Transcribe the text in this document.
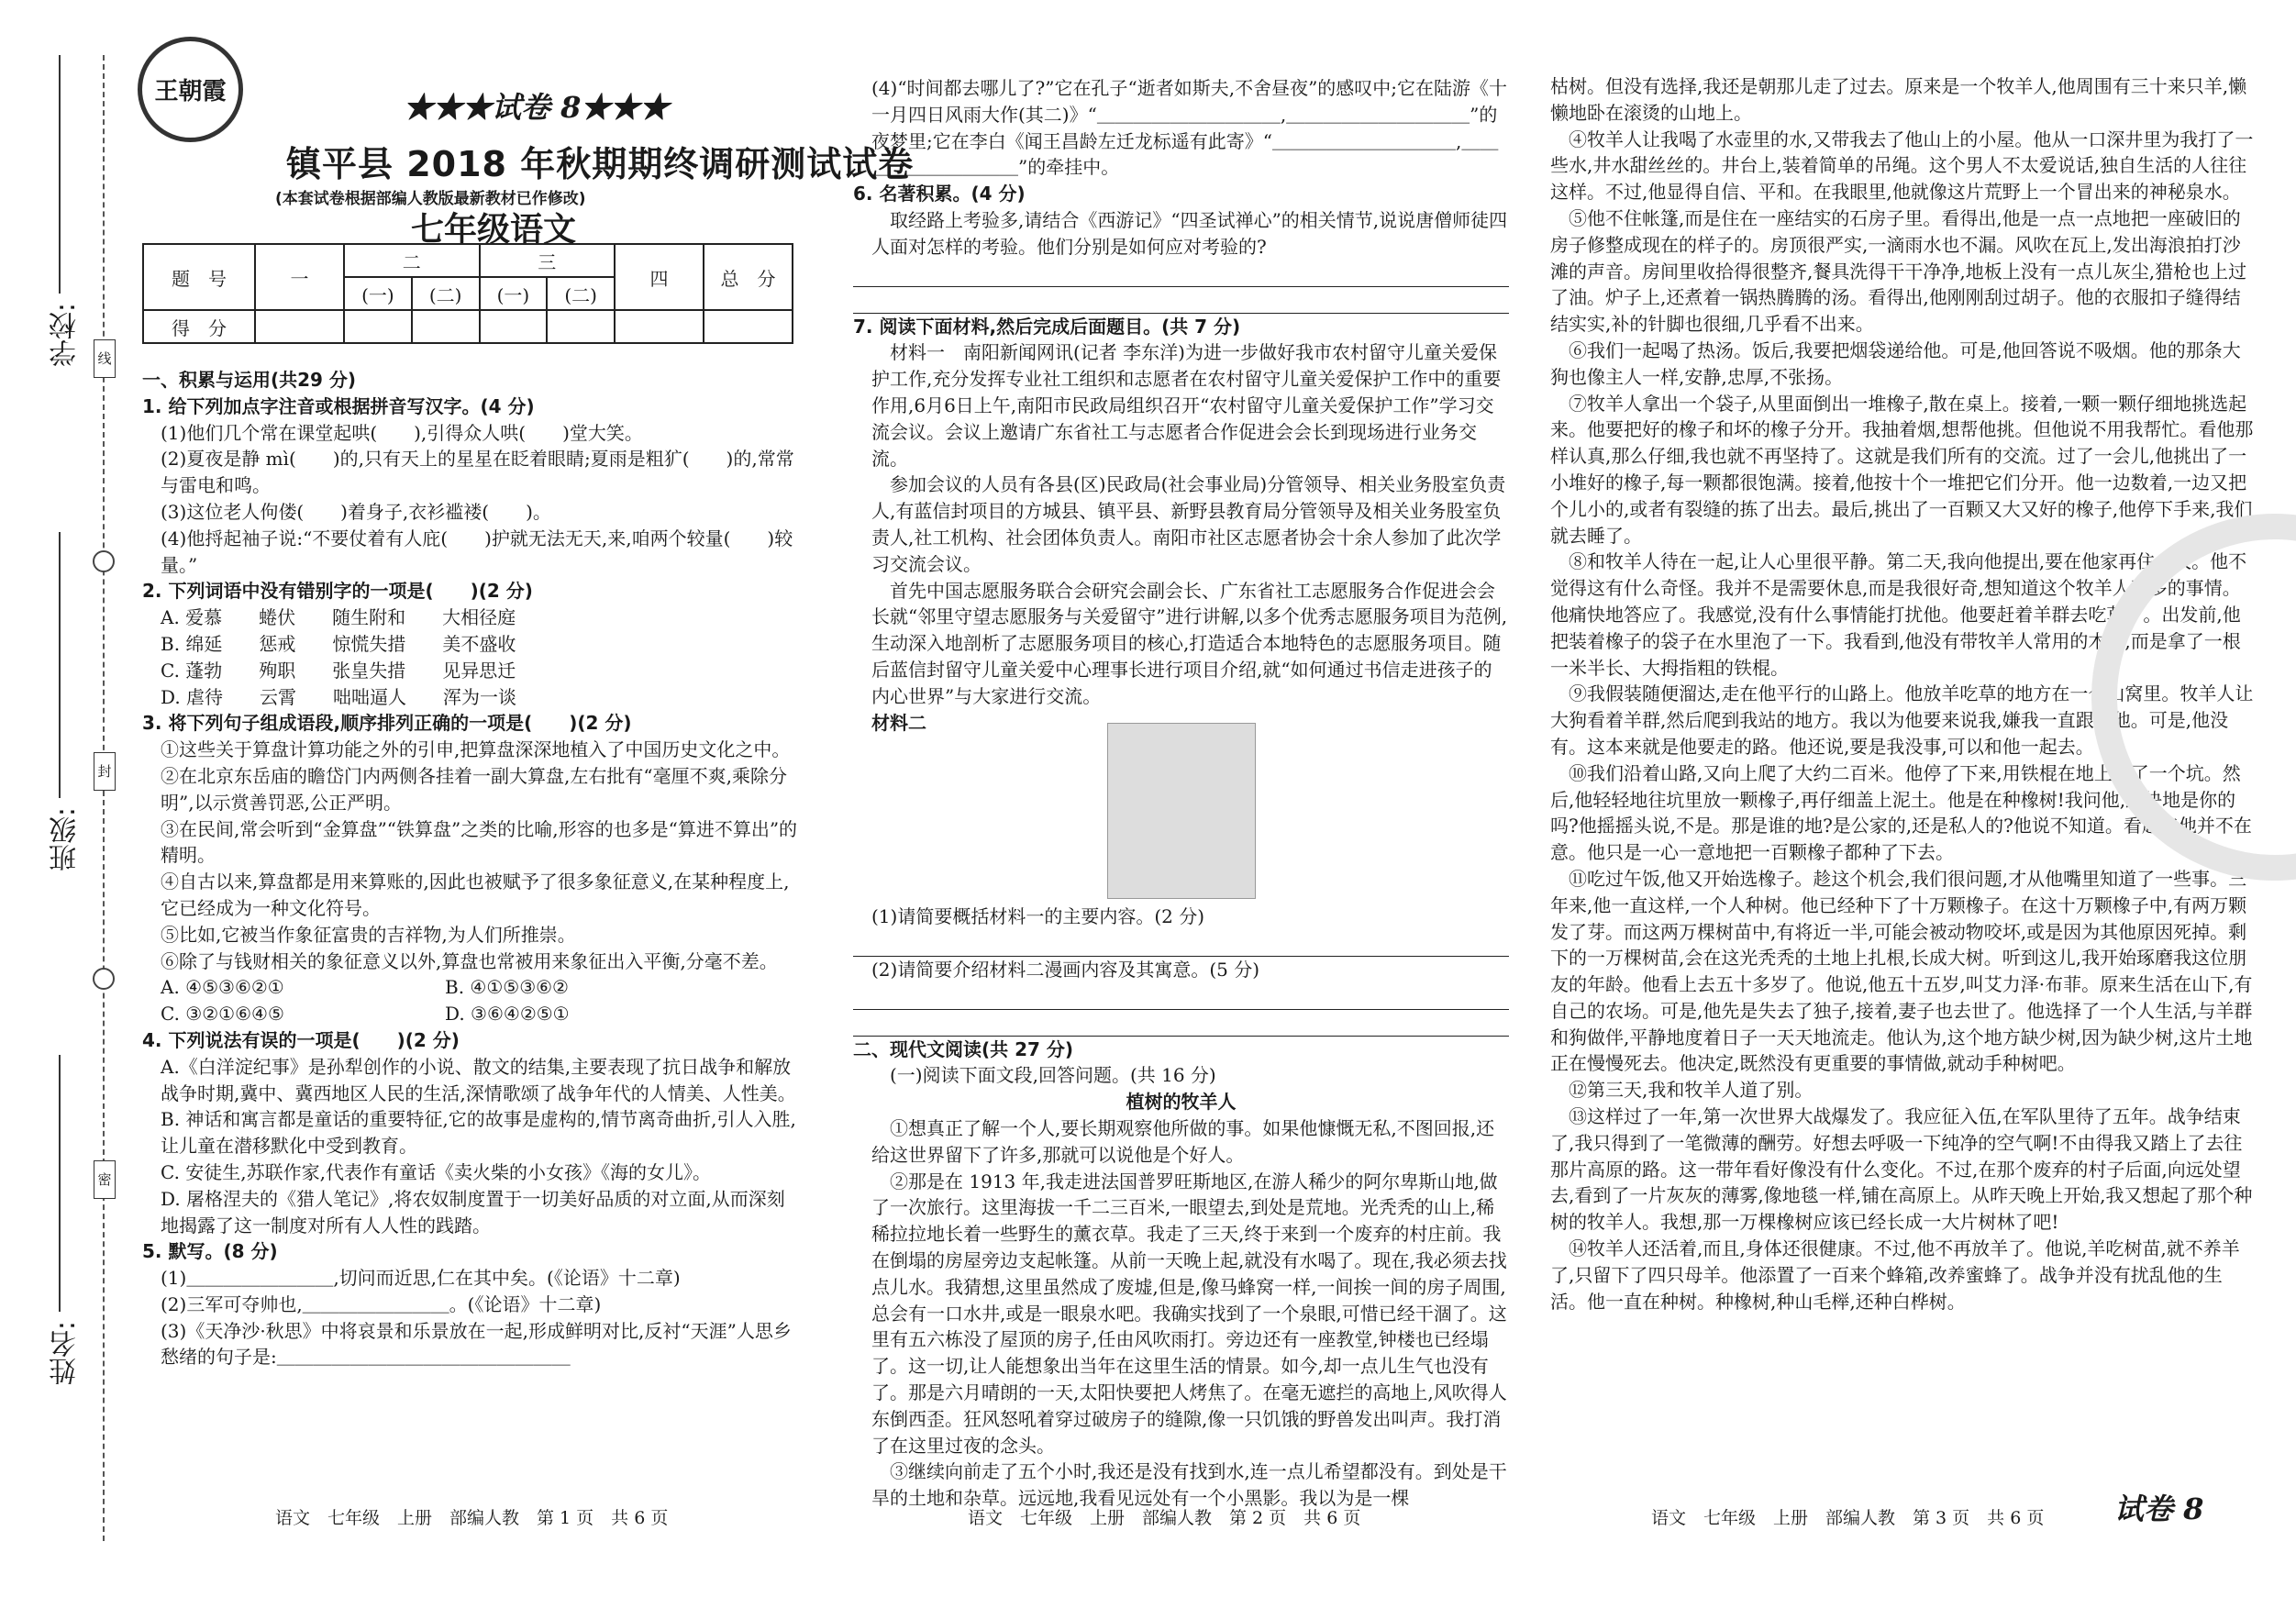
线
封
密
学校:
班级:
姓名:
王朝霞	★★★试卷 8★★★
镇平县 2018 年秋期期终调研测试试卷
(本套试卷根据部编人教版最新教材已作修改)
七年级语文
题　号	一	二		三		四	总　分
		(一)	(二)	(一)	(二)		
得　分							

一、积累与运用(共29 分)

1. 给下列加点字注音或根据拼音写汉字。(4 分)

(1)他们几个常在课堂起哄(　　),引得众人哄(　　)堂大笑。

(2)夏夜是静 mì(　　)的,只有天上的星星在眨着眼睛;夏雨是粗犷(　　)的,常常与雷电和鸣。

(3)这位老人佝偻(　　)着身子,衣衫褴褛(　　)。

(4)他捋起袖子说:“不要仗着有人庇(　　)护就无法无天,来,咱两个较量(　　)较量。”

2. 下列词语中没有错别字的一项是(　　)(2 分)

A. 爱慕　　蜷伏　　随生附和　　大相径庭

B. 绵延　　惩戒　　惊慌失措　　美不盛收

C. 蓬勃　　殉职　　张皇失措　　见异思迁

D. 虐待　　云霄　　咄咄逼人　　浑为一谈

3. 将下列句子组成语段,顺序排列正确的一项是(　　)(2 分)

①这些关于算盘计算功能之外的引申,把算盘深深地植入了中国历史文化之中。

②在北京东岳庙的瞻岱门内两侧各挂着一副大算盘,左右批有“毫厘不爽,乘除分明”,以示赏善罚恶,公正严明。

③在民间,常会听到“金算盘”“铁算盘”之类的比喻,形容的也多是“算进不算出”的精明。

④自古以来,算盘都是用来算账的,因此也被赋予了很多象征意义,在某种程度上,它已经成为一种文化符号。

⑤比如,它被当作象征富贵的吉祥物,为人们所推崇。

⑥除了与钱财相关的象征意义以外,算盘也常被用来象征出入平衡,分毫不差。

A. ④⑤③⑥②①	B. ④①⑤③⑥②
C. ③②①⑥④⑤	D. ③⑥④②⑤①

4. 下列说法有误的一项是(　　)(2 分)

A.《白洋淀纪事》是孙犁创作的小说、散文的结集,主要表现了抗日战争和解放战争时期,冀中、冀西地区人民的生活,深情歌颂了战争年代的人情美、人性美。

B. 神话和寓言都是童话的重要特征,它的故事是虚构的,情节离奇曲折,引人入胜,让儿童在潜移默化中受到教育。

C. 安徒生,苏联作家,代表作有童话《卖火柴的小女孩》《海的女儿》。

D. 屠格涅夫的《猎人笔记》,将农奴制度置于一切美好品质的对立面,从而深刻地揭露了这一制度对所有人人性的践踏。

5. 默写。(8 分)

(1)＿＿＿＿＿＿＿＿,切问而近思,仁在其中矣。(《论语》十二章)

(2)三军可夺帅也,＿＿＿＿＿＿＿＿。(《论语》十二章)

(3)《天净沙·秋思》中将哀景和乐景放在一起,形成鲜明对比,反衬“天涯”人思乡愁绪的句子是:＿＿＿＿＿＿＿＿＿＿＿＿＿＿＿＿

(4)“时间都去哪儿了?”它在孔子“逝者如斯夫,不舍昼夜”的感叹中;它在陆游《十一月四日风雨大作(其二)》“＿＿＿＿＿＿＿＿＿＿,＿＿＿＿＿＿＿＿＿＿”的夜梦里;它在李白《闻王昌龄左迁龙标遥有此寄》“＿＿＿＿＿＿＿＿＿＿,＿＿＿＿＿＿＿＿＿＿”的牵挂中。

6. 名著积累。(4 分)

　取经路上考验多,请结合《西游记》“四圣试禅心”的相关情节,说说唐僧师徒四人面对怎样的考验。他们分别是如何应对考验的?

7. 阅读下面材料,然后完成后面题目。(共 7 分)

　材料一　南阳新闻网讯(记者 李东洋)为进一步做好我市农村留守儿童关爱保护工作,充分发挥专业社工组织和志愿者在农村留守儿童关爱保护工作中的重要作用,6月6日上午,南阳市民政局组织召开“农村留守儿童关爱保护工作”学习交流会议。会议上邀请广东省社工与志愿者合作促进会会长到现场进行业务交流。

　参加会议的人员有各县(区)民政局(社会事业局)分管领导、相关业务股室负责人,有蓝信封项目的方城县、镇平县、新野县教育局分管领导及相关业务股室负责人,社工机构、社会团体负责人。南阳市社区志愿者协会十余人参加了此次学习交流会议。

　首先中国志愿服务联合会研究会副会长、广东省社工志愿服务合作促进会会长就“邻里守望志愿服务与关爱留守”进行讲解,以多个优秀志愿服务项目为范例,生动深入地剖析了志愿服务项目的核心,打造适合本地特色的志愿服务项目。随后蓝信封留守儿童关爱中心理事长进行项目介绍,就“如何通过书信走进孩子的内心世界”与大家进行交流。

　材料二

(1)请简要概括材料一的主要内容。(2 分)

(2)请简要介绍材料二漫画内容及其寓意。(5 分)

二、现代文阅读(共 27 分)

　(一)阅读下面文段,回答问题。(共 16 分)

植树的牧羊人

　①想真正了解一个人,要长期观察他所做的事。如果他慷慨无私,不图回报,还给这世界留下了许多,那就可以说他是个好人。

　②那是在 1913 年,我走进法国普罗旺斯地区,在游人稀少的阿尔卑斯山地,做了一次旅行。这里海拔一千二三百米,一眼望去,到处是荒地。光秃秃的山上,稀稀拉拉地长着一些野生的薰衣草。我走了三天,终于来到一个废弃的村庄前。我在倒塌的房屋旁边支起帐篷。从前一天晚上起,就没有水喝了。现在,我必须去找点儿水。我猜想,这里虽然成了废墟,但是,像马蜂窝一样,一间挨一间的房子周围,总会有一口水井,或是一眼泉水吧。我确实找到了一个泉眼,可惜已经干涸了。这里有五六栋没了屋顶的房子,任由风吹雨打。旁边还有一座教堂,钟楼也已经塌了。这一切,让人能想象出当年在这里生活的情景。如今,却一点儿生气也没有了。那是六月晴朗的一天,太阳快要把人烤焦了。在毫无遮拦的高地上,风吹得人东倒西歪。狂风怒吼着穿过破房子的缝隙,像一只饥饿的野兽发出叫声。我打消了在这里过夜的念头。

　③继续向前走了五个小时,我还是没有找到水,连一点儿希望都没有。到处是干旱的土地和杂草。远远地,我看见远处有一个小黑影。我以为是一棵

枯树。但没有选择,我还是朝那儿走了过去。原来是一个牧羊人,他周围有三十来只羊,懒懒地卧在滚烫的山地上。

　④牧羊人让我喝了水壶里的水,又带我去了他山上的小屋。他从一口深井里为我打了一些水,井水甜丝丝的。井台上,装着简单的吊绳。这个男人不太爱说话,独自生活的人往往这样。不过,他显得自信、平和。在我眼里,他就像这片荒野上一个冒出来的神秘泉水。

　⑤他不住帐篷,而是住在一座结实的石房子里。看得出,他是一点一点地把一座破旧的房子修整成现在的样子的。房顶很严实,一滴雨水也不漏。风吹在瓦上,发出海浪拍打沙滩的声音。房间里收拾得很整齐,餐具洗得干干净净,地板上没有一点儿灰尘,猎枪也上过了油。炉子上,还煮着一锅热腾腾的汤。看得出,他刚刚刮过胡子。他的衣服扣子缝得结结实实,补的针脚也很细,几乎看不出来。

　⑥我们一起喝了热汤。饭后,我要把烟袋递给他。可是,他回答说不吸烟。他的那条大狗也像主人一样,安静,忠厚,不张扬。

　⑦牧羊人拿出一个袋子,从里面倒出一堆橡子,散在桌上。接着,一颗一颗仔细地挑选起来。他要把好的橡子和坏的橡子分开。我抽着烟,想帮他挑。但他说不用我帮忙。看他那样认真,那么仔细,我也就不再坚持了。这就是我们所有的交流。过了一会儿,他挑出了一小堆好的橡子,每一颗都很饱满。接着,他按十个一堆把它们分开。他一边数着,一边又把个儿小的,或者有裂缝的拣了出去。最后,挑出了一百颗又大又好的橡子,他停下手来,我们就去睡了。

　⑧和牧羊人待在一起,让人心里很平静。第二天,我向他提出,要在他家再住一天。他不觉得这有什么奇怪。我并不是需要休息,而是我很好奇,想知道这个牧羊人更多的事情。他痛快地答应了。我感觉,没有什么事情能打扰他。他要赶着羊群去吃草了。出发前,他把装着橡子的袋子在水里泡了一下。我看到,他没有带牧羊人常用的木棍,而是拿了一根一米半长、大拇指粗的铁棍。

　⑨我假装随便溜达,走在他平行的山路上。他放羊吃草的地方在一个山窝里。牧羊人让大狗看着羊群,然后爬到我站的地方。我以为他要来说我,嫌我一直跟着他。可是,他没有。这本来就是他要走的路。他还说,要是我没事,可以和他一起去。

　⑩我们沿着山路,又向上爬了大约二百米。他停了下来,用铁棍在地上戳了一个坑。然后,他轻轻地往坑里放一颗橡子,再仔细盖上泥土。他是在种橡树!我问他,这块地是你的吗?他摇摇头说,不是。那是谁的地?是公家的,还是私人的?他说不知道。看起来他并不在意。他只是一心一意地把一百颗橡子都种了下去。

　⑪吃过午饭,他又开始选橡子。趁这个机会,我们很问题,才从他嘴里知道了一些事。三年来,他一直这样,一个人种树。他已经种下了十万颗橡子。在这十万颗橡子中,有两万颗发了芽。而这两万棵树苗中,有将近一半,可能会被动物咬坏,或是因为其他原因死掉。剩下的一万棵树苗,会在这光秃秃的土地上扎根,长成大树。听到这儿,我开始琢磨我这位朋友的年龄。他看上去五十多岁了。他说,他五十五岁,叫艾力泽·布菲。原来生活在山下,有自己的农场。可是,他先是失去了独子,接着,妻子也去世了。他选择了一个人生活,与羊群和狗做伴,平静地度着日子一天天地流走。他认为,这个地方缺少树,因为缺少树,这片土地正在慢慢死去。他决定,既然没有更重要的事情做,就动手种树吧。

　⑫第三天,我和牧羊人道了别。

　⑬这样过了一年,第一次世界大战爆发了。我应征入伍,在军队里待了五年。战争结束了,我只得到了一笔微薄的酬劳。好想去呼吸一下纯净的空气啊!不由得我又踏上了去往那片高原的路。这一带年看好像没有什么变化。不过,在那个废弃的村子后面,向远处望去,看到了一片灰灰的薄雾,像地毯一样,铺在高原上。从昨天晚上开始,我又想起了那个种树的牧羊人。我想,那一万棵橡树应该已经长成一大片树林了吧!

　⑭牧羊人还活着,而且,身体还很健康。不过,他不再放羊了。他说,羊吃树苗,就不养羊了,只留下了四只母羊。他添置了一百来个蜂箱,改养蜜蜂了。战争并没有扰乱他的生活。他一直在种树。种橡树,种山毛榉,还种白桦树。

语文　七年级　上册　部编人教　第 1 页　共 6 页	语文　七年级　上册　部编人教　第 2 页　共 6 页	语文　七年级　上册　部编人教　第 3 页　共 6 页 试卷 8
